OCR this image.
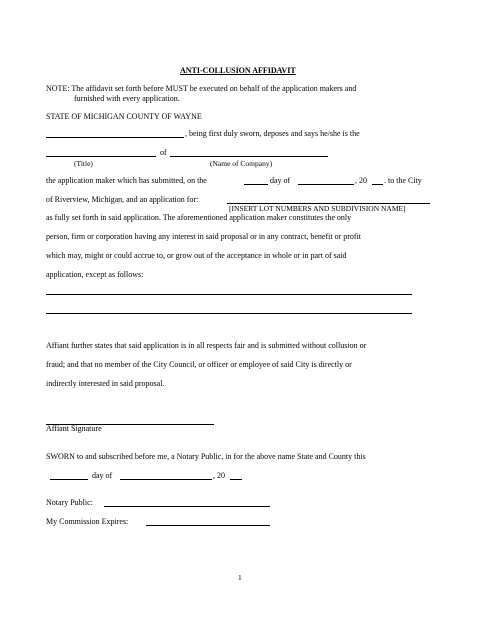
ANTI-COLLUSION AFFIDAVIT
NOTE: The affidavit set forth before MUST be executed on behalf of the application makers and
furnished with every application.
STATE OF MICHIGAN COUNTY OF WAYNE
, being first duly sworn, deposes and says he/she is the
of
(Title)	(Name of Company)
the application maker which has submitted, on the	day of	, 20 . to the City
of Riverview, Michigan, and an application for:
[INSERT LOT NUMBERS AND SUBDIVISION NAME]
as fully set forth in said application. The aforementioned application maker constitutes the only
person, firm or corporation having any interest in said proposal or in any contract, benefit or profit
which may, might or could accrue to, or grow out of the acceptance in whole or in part of said
application, except as follows:
Affiant further states that said application is in all respects fair and is submitted without collusion or
fraud; and that no member of the City Council, or officer or employee of said City is directly or
indirectly interested in said proposal.
Affiant Signature
SWORN to and subscribed before me, a Notary Public, in for the above name State and County this
day of	, 20
Notary Public:
My Commission Expires:
1
